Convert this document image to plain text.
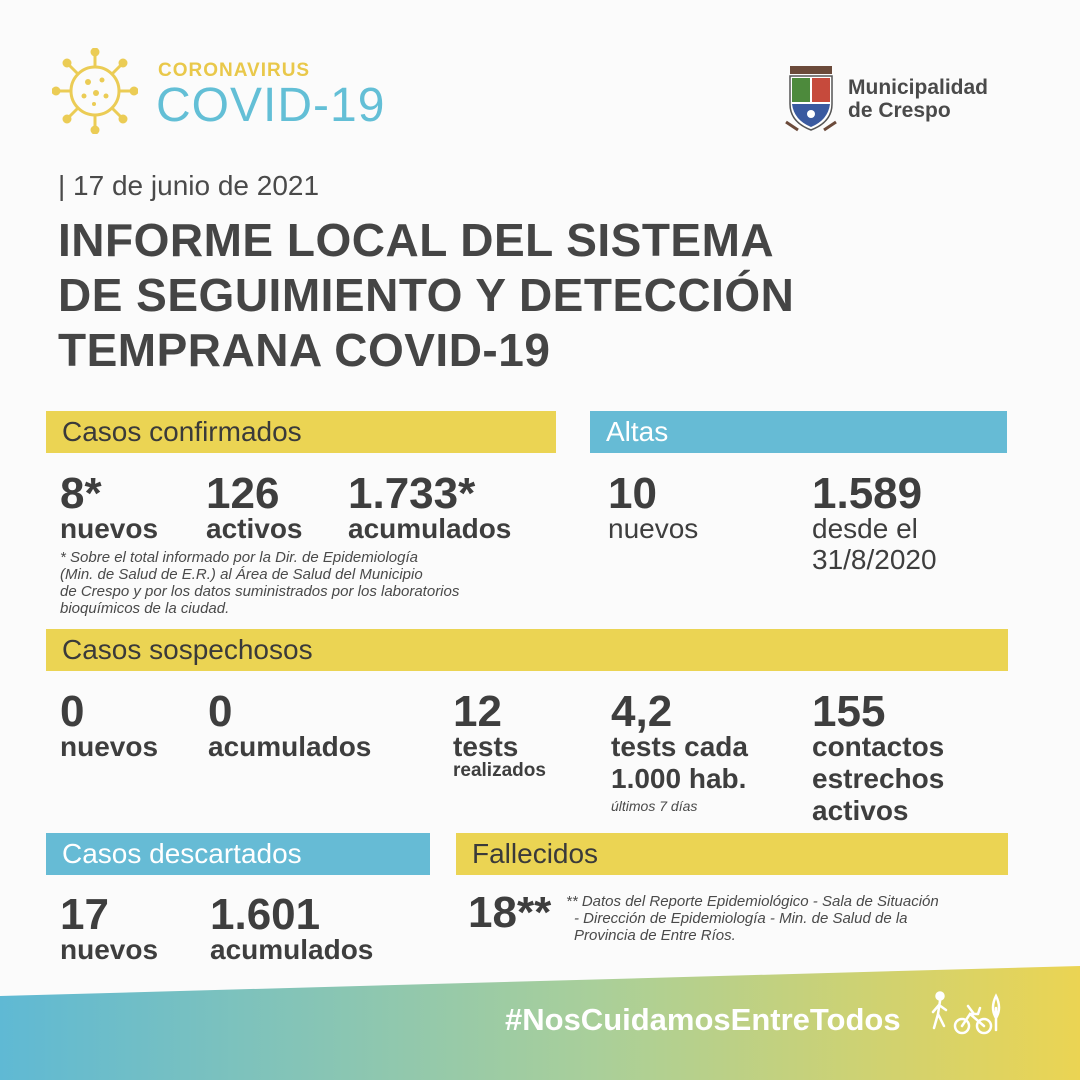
CORONAVIRUS
COVID-19	Municipalidad
de Crespo
| 17 de junio de 2021
INFORME LOCAL DEL SISTEMA
DE SEGUIMIENTO Y DETECCIÓN
TEMPRANA COVID-19
Casos confirmados
8*
nuevos
126
activos
1.733*
acumulados
* Sobre el total informado por la Dir. de Epidemiología
(Min. de Salud de E.R.) al Área de Salud del Municipio
de Crespo y por los datos suministrados por los laboratorios
bioquímicos de la ciudad.
Altas
10
nuevos
1.589
desde el
31/8/2020
Casos sospechosos
0
nuevos
0
acumulados
12
tests
realizados
4,2
tests cada
1.000 hab.
últimos 7 días
155
contactos
estrechos
activos
Casos descartados
17
nuevos
1.601
acumulados
Fallecidos
18** ** Datos del Reporte Epidemiológico - Sala de Situación
- Dirección de Epidemiología - Min. de Salud de la
Provincia de Entre Ríos.
#NosCuidamosEntreTodos
